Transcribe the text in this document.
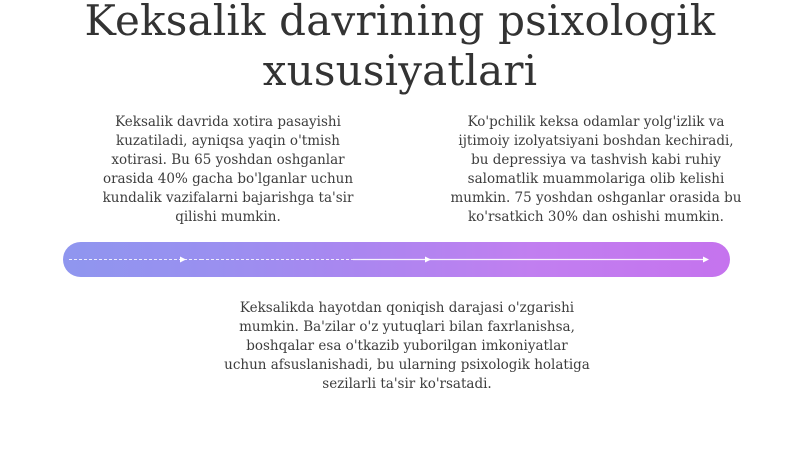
Keksalik davrining psixologik xususiyatlari

Keksalik davrida xotira pasayishi kuzatiladi, ayniqsa yaqin o'tmish xotirasi. Bu 65 yoshdan oshganlar orasida 40% gacha bo'lganlar uchun kundalik vazifalarni bajarishga ta'sir qilishi mumkin.

Ko'pchilik keksa odamlar yolg'izlik va ijtimoiy izolyatsiyani boshdan kechiradi, bu depressiya va tashvish kabi ruhiy salomatlik muammolariga olib kelishi mumkin. 75 yoshdan oshganlar orasida bu ko'rsatkich 30% dan oshishi mumkin.

Keksalikda hayotdan qoniqish darajasi o'zgarishi mumkin. Ba'zilar o'z yutuqlari bilan faxrlanishsa, boshqalar esa o'tkazib yuborilgan imkoniyatlar uchun afsuslanishadi, bu ularning psixologik holatiga sezilarli ta'sir ko'rsatadi.
